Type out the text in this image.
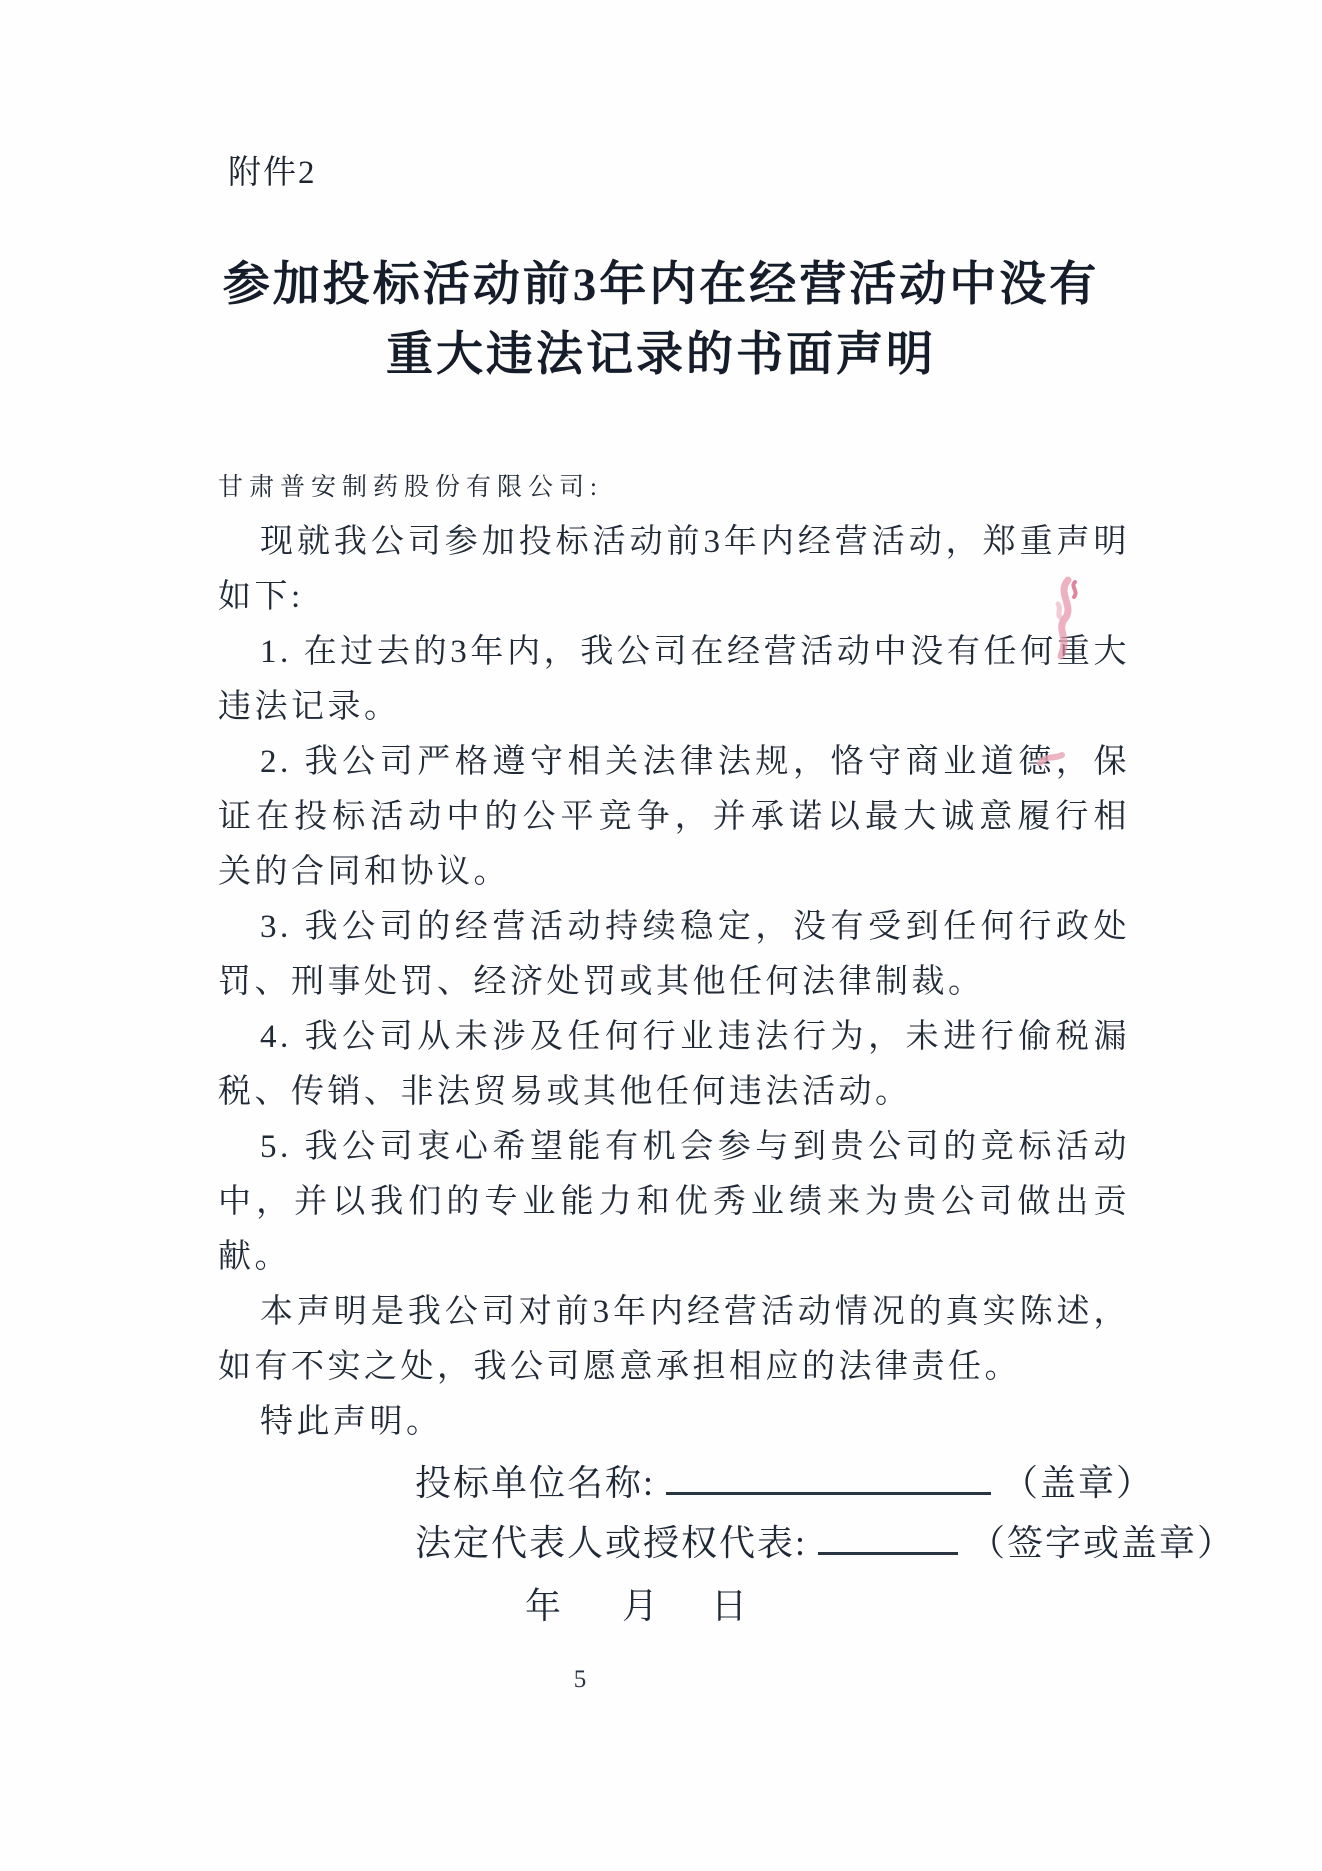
附件2
参加投标活动前3年内在经营活动中没有
重大违法记录的书面声明

甘肃普安制药股份有限公司:

现就我公司参加投标活动前3年内经营活动，郑重声明如下:

1. 在过去的3年内，我公司在经营活动中没有任何重大违法记录。

2. 我公司严格遵守相关法律法规，恪守商业道德，保证在投标活动中的公平竞争，并承诺以最大诚意履行相关的合同和协议。

3. 我公司的经营活动持续稳定，没有受到任何行政处罚、刑事处罚、经济处罚或其他任何法律制裁。

4. 我公司从未涉及任何行业违法行为，未进行偷税漏税、传销、非法贸易或其他任何违法活动。

5. 我公司衷心希望能有机会参与到贵公司的竞标活动中，并以我们的专业能力和优秀业绩来为贵公司做出贡献。

本声明是我公司对前3年内经营活动情况的真实陈述，如有不实之处，我公司愿意承担相应的法律责任。

特此声明。

投标单位名称:	（盖章）
法定代表人或授权代表:	（签字或盖章）
年 月 日
5
